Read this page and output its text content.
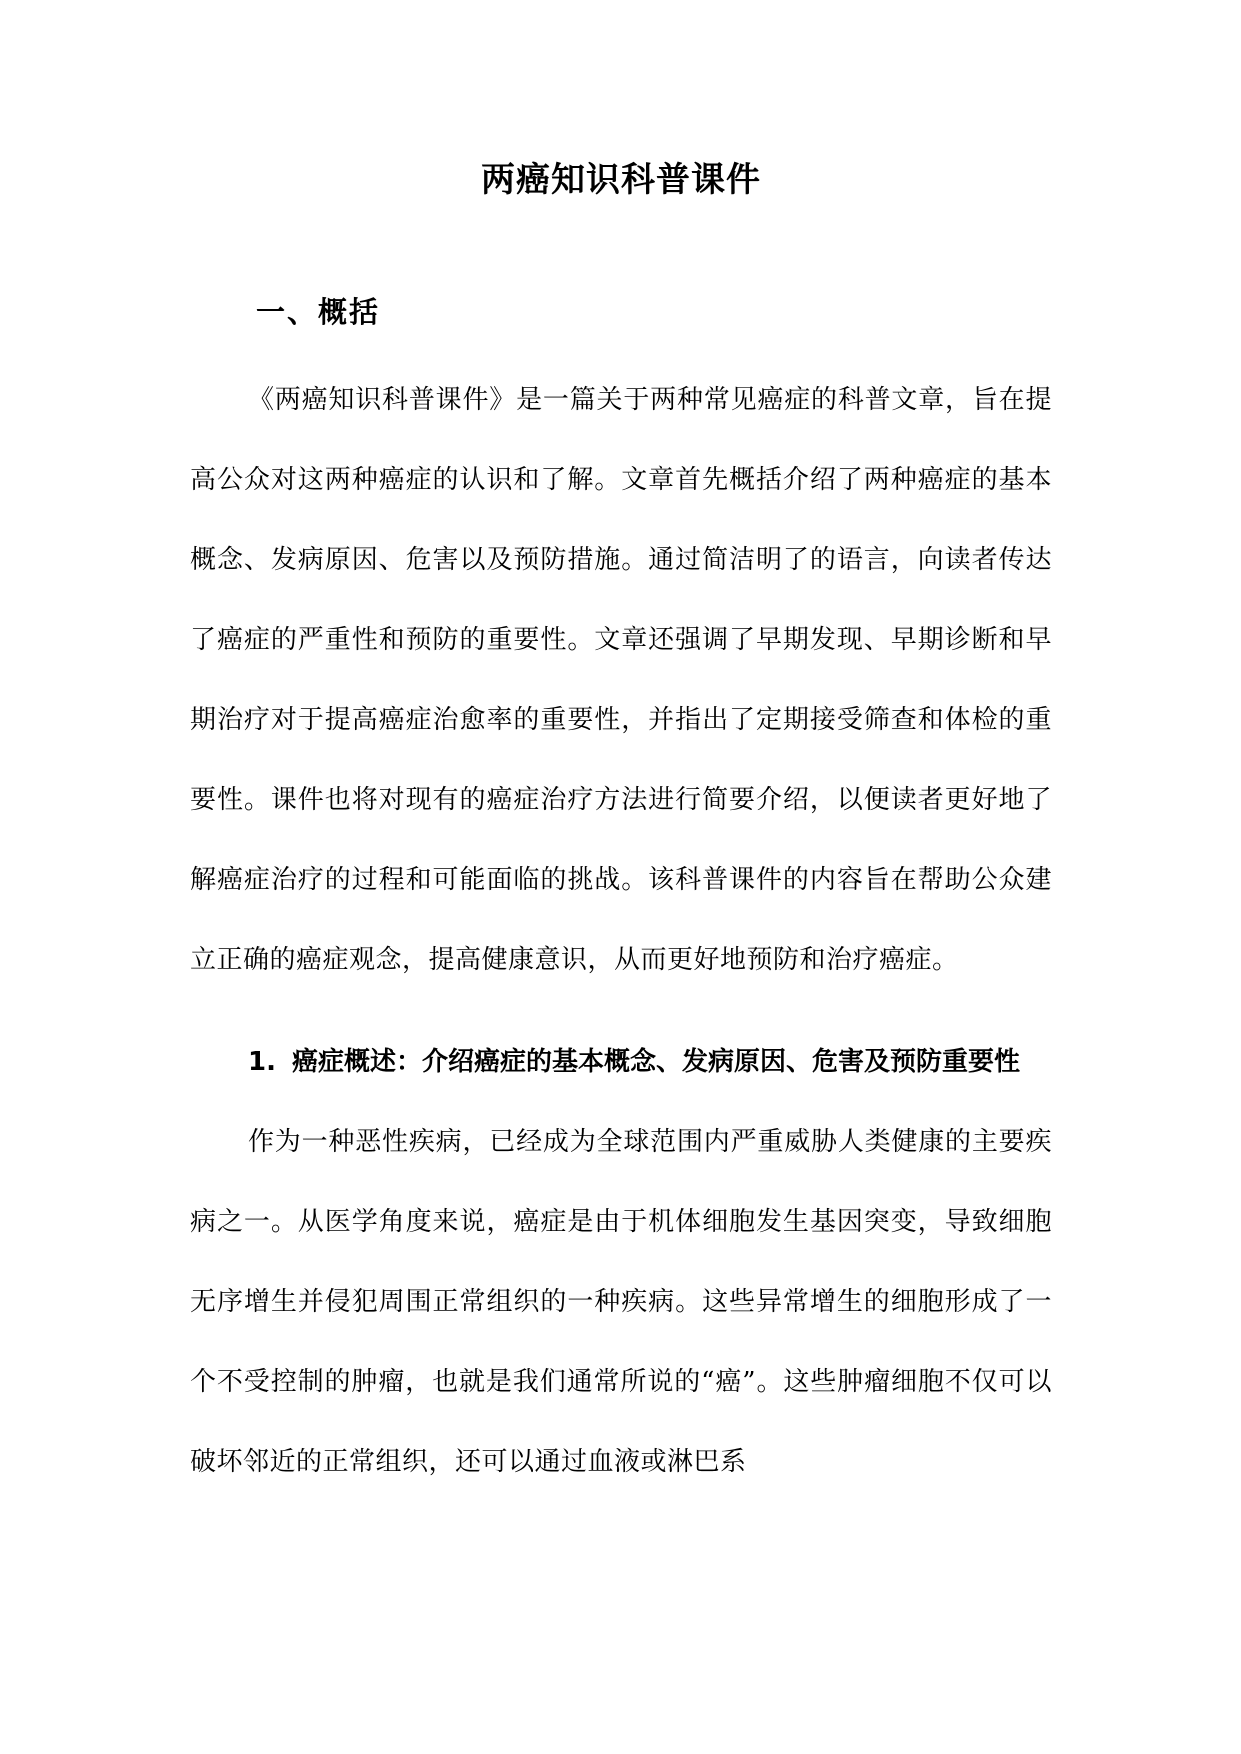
两癌知识科普课件
一、概括

《两癌知识科普课件》是一篇关于两种常见癌症的科普文章，旨在提高公众对这两种癌症的认识和了解。文章首先概括介绍了两种癌症的基本概念、发病原因、危害以及预防措施。通过简洁明了的语言，向读者传达了癌症的严重性和预防的重要性。文章还强调了早期发现、早期诊断和早期治疗对于提高癌症治愈率的重要性，并指出了定期接受筛查和体检的重要性。课件也将对现有的癌症治疗方法进行简要介绍，以便读者更好地了解癌症治疗的过程和可能面临的挑战。该科普课件的内容旨在帮助公众建立正确的癌症观念，提高健康意识，从而更好地预防和治疗癌症。

1. 癌症概述：介绍癌症的基本概念、发病原因、危害及预防重要性

作为一种恶性疾病，已经成为全球范围内严重威胁人类健康的主要疾病之一。从医学角度来说，癌症是由于机体细胞发生基因突变，导致细胞无序增生并侵犯周围正常组织的一种疾病。这些异常增生的细胞形成了一个不受控制的肿瘤，也就是我们通常所说的“癌”。这些肿瘤细胞不仅可以破坏邻近的正常组织，还可以通过血液或淋巴系
